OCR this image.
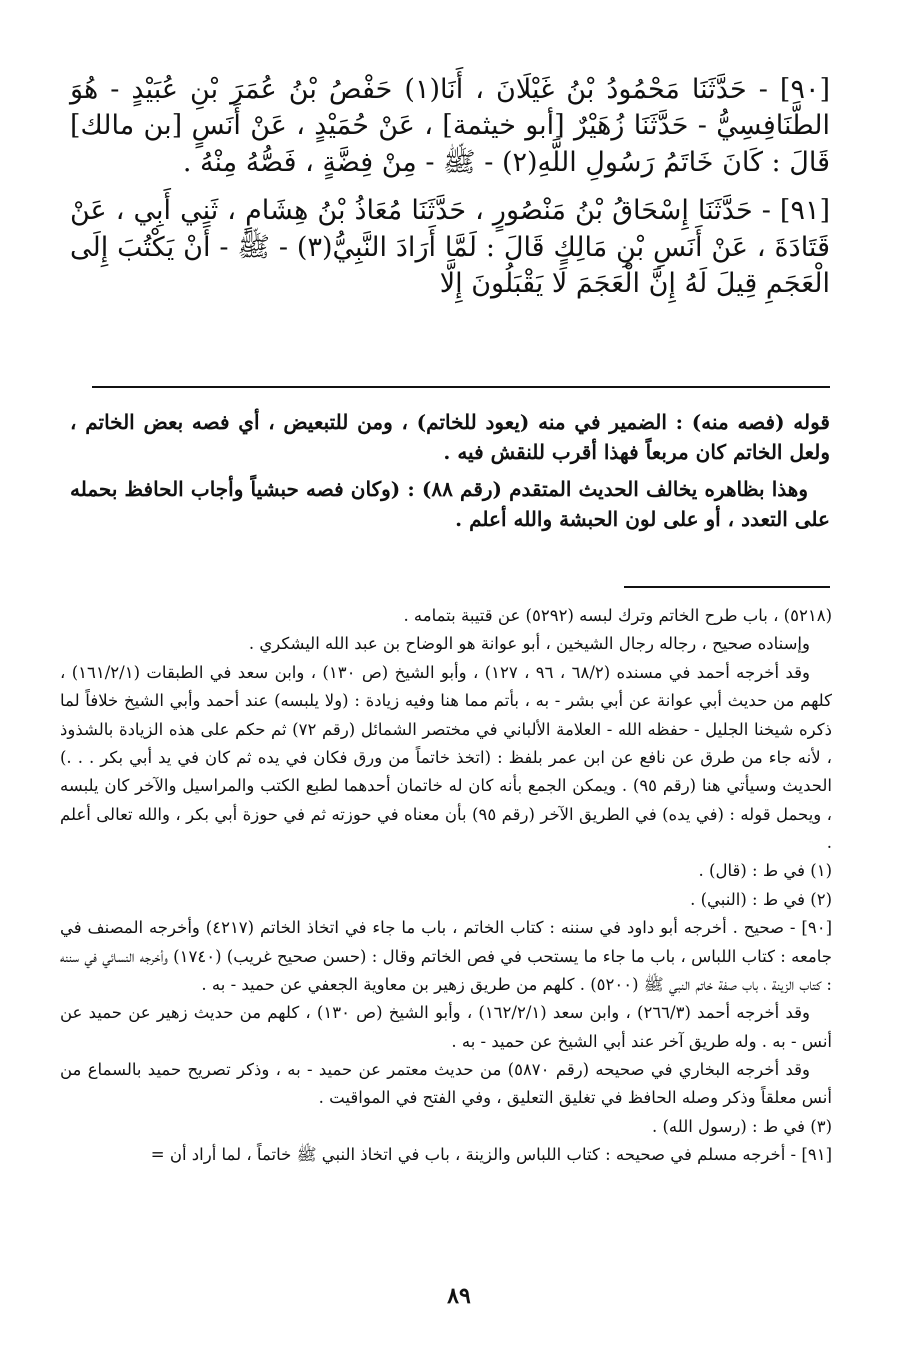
[٩٠] - حَدَّثَنَا مَحْمُودُ بْنُ غَيْلَانَ ، أَنَا(١) حَفْصُ بْنُ عُمَرَ بْنِ عُبَيْدٍ - هُوَ الطَّنَافِسِيُّ - حَدَّثَنَا زُهَيْرٌ [أبو خيثمة] ، عَنْ حُمَيْدٍ ، عَنْ أَنَسٍ [بن مالك] قَالَ : كَانَ خَاتَمُ رَسُولِ اللَّهِ(٢) - ﷺ - مِنْ فِضَّةٍ ، فَصُّهُ مِنْهُ .

[٩١] - حَدَّثَنَا إِسْحَاقُ بْنُ مَنْصُورٍ ، حَدَّثَنَا مُعَاذُ بْنُ هِشَامٍ ، ثَنِي أَبِي ، عَنْ قَتَادَةَ ، عَنْ أَنَسِ بْنِ مَالِكٍ قَالَ : لَمَّا أَرَادَ النَّبِيُّ(٣) - ﷺ - أَنْ يَكْتُبَ إِلَى الْعَجَمِ قِيلَ لَهُ إِنَّ الْعَجَمَ لَا يَقْبَلُونَ إِلَّا

قوله (فصه منه) : الضمير في منه (يعود للخاتم) ، ومن للتبعيض ، أي فصه بعض الخاتم ، ولعل الخاتم كان مربعاً فهذا أقرب للنقش فيه .

وهذا بظاهره يخالف الحديث المتقدم (رقم ٨٨) : (وكان فصه حبشياً وأجاب الحافظ بحمله على التعدد ، أو على لون الحبشة والله أعلم .

(٥٢١٨) ، باب طرح الخاتم وترك لبسه (٥٢٩٢) عن قتيبة بتمامه .

وإسناده صحيح ، رجاله رجال الشيخين ، أبو عوانة هو الوضاح بن عبد الله اليشكري .

وقد أخرجه أحمد في مسنده (٦٨/٢ ، ٩٦ ، ١٢٧) ، وأبو الشيخ (ص ١٣٠) ، وابن سعد في الطبقات (١٦١/٢/١) ، كلهم من حديث أبي عوانة عن أبي بشر - به ، بأتم مما هنا وفيه زيادة : (ولا يلبسه) عند أحمد وأبي الشيخ خلافاً لما ذكره شيخنا الجليل - حفظه الله - العلامة الألباني في مختصر الشمائل (رقم ٧٢) ثم حكم على هذه الزيادة بالشذوذ ، لأنه جاء من طرق عن نافع عن ابن عمر بلفظ : (اتخذ خاتماً من ورق فكان في يده ثم كان في يد أبي بكر . . .) الحديث وسيأتي هنا (رقم ٩٥) . ويمكن الجمع بأنه كان له خاتمان أحدهما لطبع الكتب والمراسيل والآخر كان يلبسه ، ويحمل قوله : (في يده) في الطريق الآخر (رقم ٩٥) بأن معناه في حوزته ثم في حوزة أبي بكر ، والله تعالى أعلم .

(١) في ط : (قال) .

(٢) في ط : (النبي) .

[٩٠] - صحيح . أخرجه أبو داود في سننه : كتاب الخاتم ، باب ما جاء في اتخاذ الخاتم (٤٢١٧) وأخرجه المصنف في جامعه : كتاب اللباس ، باب ما جاء ما يستحب في فص الخاتم وقال : (حسن صحيح غريب) (١٧٤٠) وأخرجه النسائي في سننه : كتاب الزينة ، باب صفة خاتم النبي ﷺ (٥٢٠٠) . كلهم من طريق زهير بن معاوية الجعفي عن حميد - به .

وقد أخرجه أحمد (٢٦٦/٣) ، وابن سعد (١٦٢/٢/١) ، وأبو الشيخ (ص ١٣٠) ، كلهم من حديث زهير عن حميد عن أنس - به . وله طريق آخر عند أبي الشيخ عن حميد - به .

وقد أخرجه البخاري في صحيحه (رقم ٥٨٧٠) من حديث معتمر عن حميد - به ، وذكر تصريح حميد بالسماع من أنس معلقاً وذكر وصله الحافظ في تغليق التعليق ، وفي الفتح في المواقيت .

(٣) في ط : (رسول الله) .

[٩١] - أخرجه مسلم في صحيحه : كتاب اللباس والزينة ، باب في اتخاذ النبي ﷺ خاتماً ، لما أراد أن =

٨٩
